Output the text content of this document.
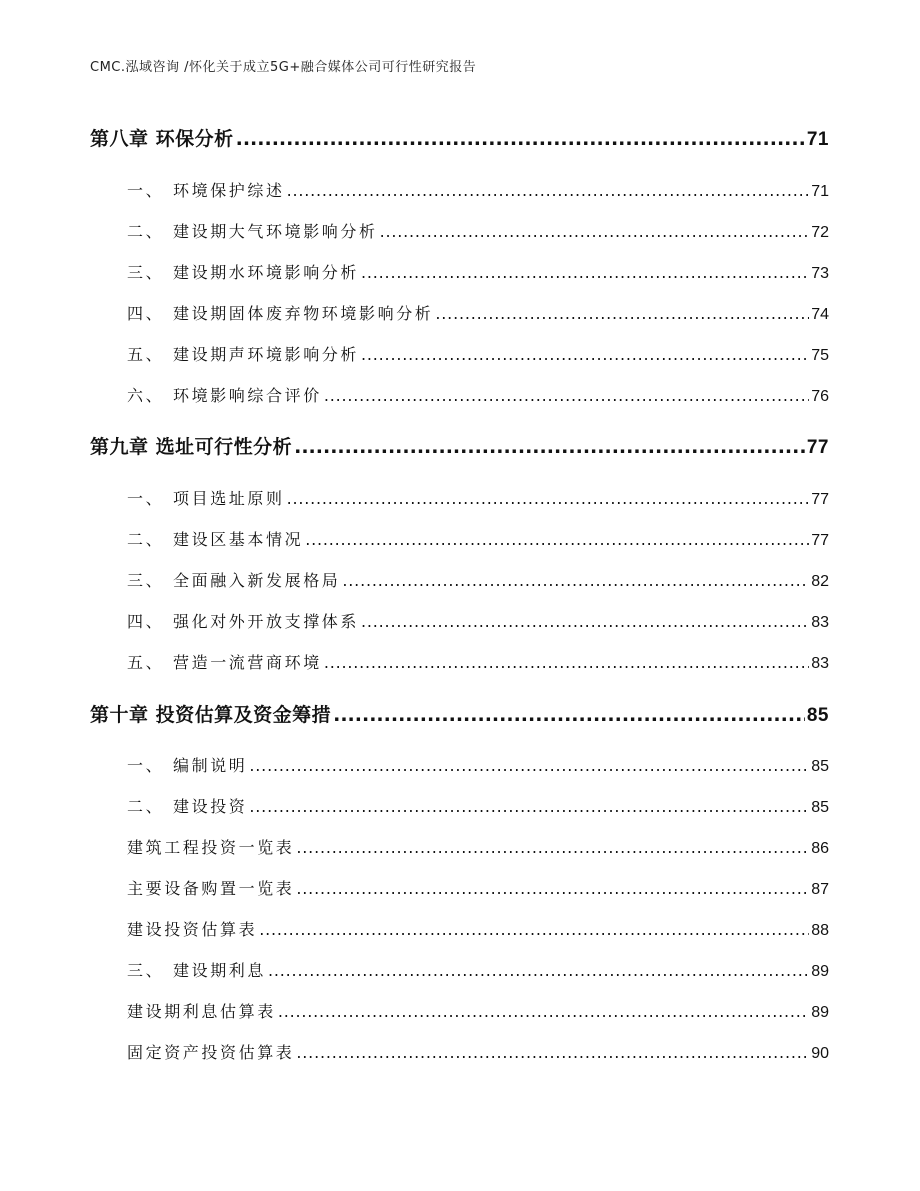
CMC.泓域咨询 /怀化关于成立5G+融合媒体公司可行性研究报告
第八章 环保分析 .....	71
一、 环境保护综述 .....	71
二、 建设期大气环境影响分析 .....	72
三、 建设期水环境影响分析 .....	73
四、 建设期固体废弃物环境影响分析 .....	74
五、 建设期声环境影响分析 .....	75
六、 环境影响综合评价 .....	76
第九章 选址可行性分析 .....	77
一、 项目选址原则 .....	77
二、 建设区基本情况 .....	77
三、 全面融入新发展格局 .....	82
四、 强化对外开放支撑体系 .....	83
五、 营造一流营商环境 .....	83
第十章 投资估算及资金筹措 .....	85
一、 编制说明 .....	85
二、 建设投资 .....	85
建筑工程投资一览表 .....	86
主要设备购置一览表 .....	87
建设投资估算表 .....	88
三、 建设期利息 .....	89
建设期利息估算表 .....	89
固定资产投资估算表 .....	90
